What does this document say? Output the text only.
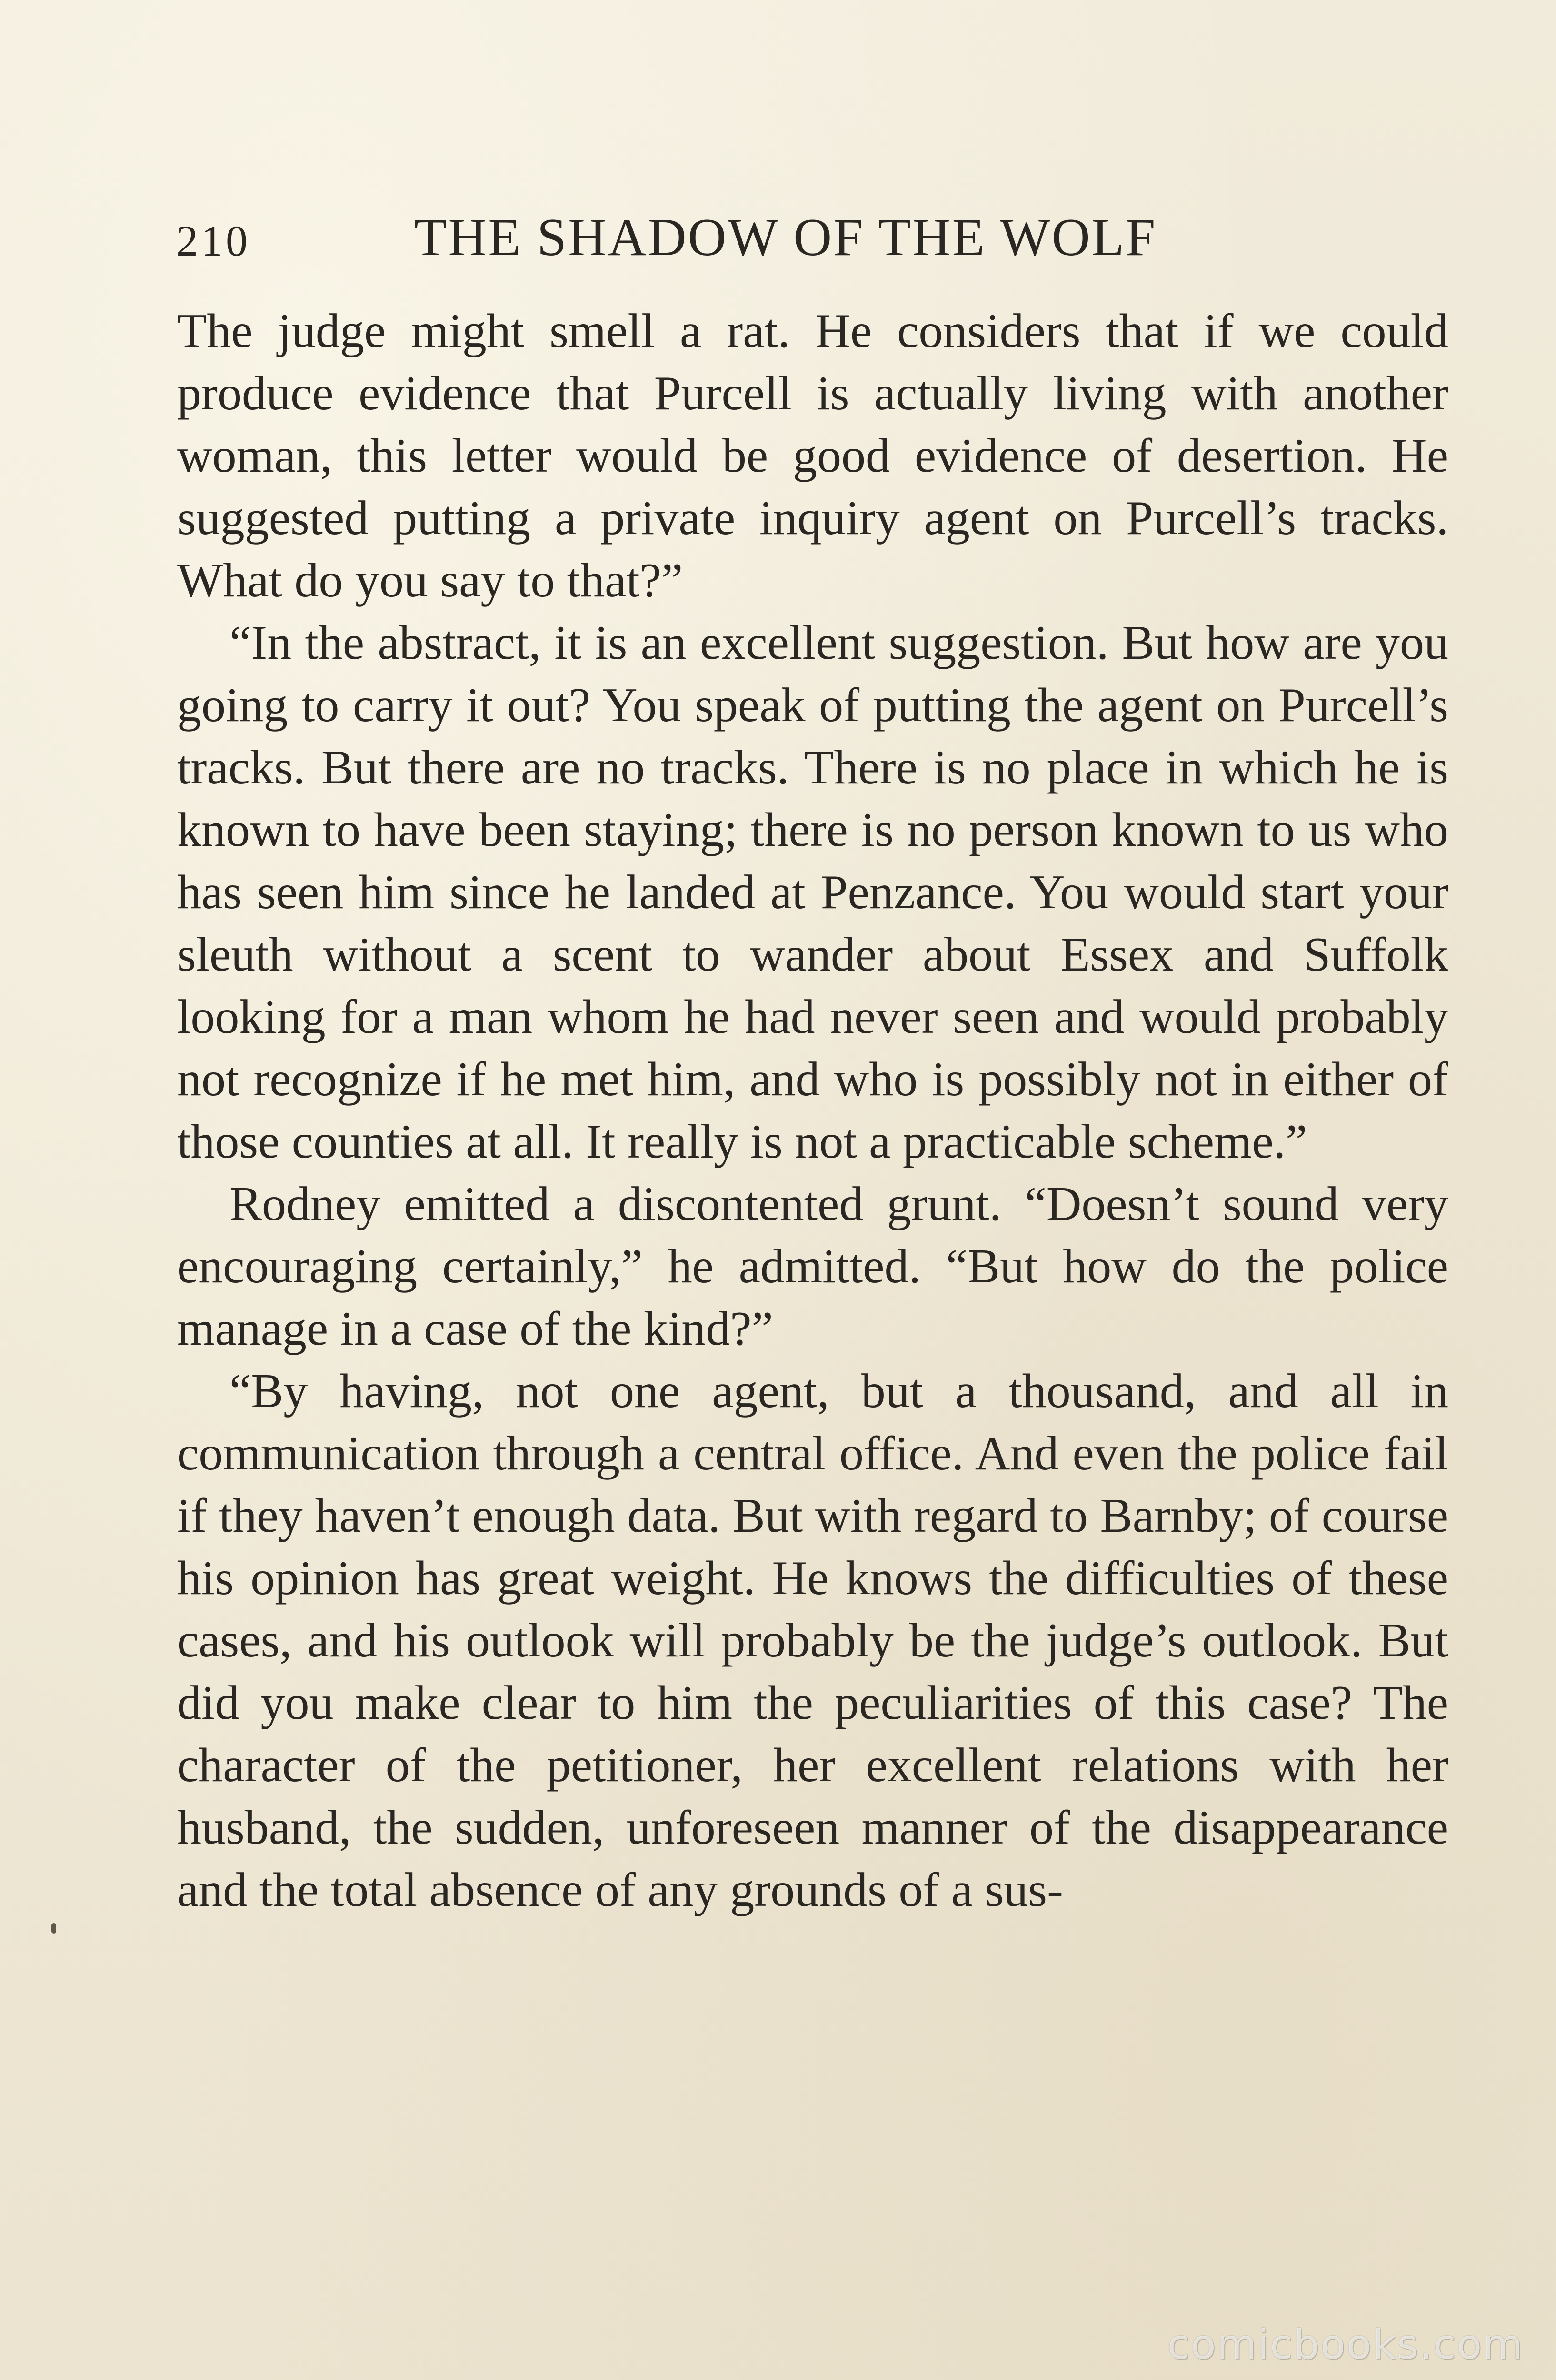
210	THE SHADOW OF THE WOLF

The judge might smell a rat. He considers that if we could produce evidence that Purcell is actually living with another woman, this letter would be good evidence of desertion. He suggested putting a private inquiry agent on Purcell’s tracks. What do you say to that?”

“In the abstract, it is an excellent suggestion. But how are you going to carry it out? You speak of putting the agent on Purcell’s tracks. But there are no tracks. There is no place in which he is known to have been staying; there is no person known to us who has seen him since he landed at Penzance. You would start your sleuth without a scent to wander about Essex and Suffolk looking for a man whom he had never seen and would probably not recognize if he met him, and who is possibly not in either of those counties at all. It really is not a practicable scheme.”

Rodney emitted a discontented grunt. “Doesn’t sound very encouraging certainly,” he admitted. “But how do the police manage in a case of the kind?”

“By having, not one agent, but a thousand, and all in communication through a central office. And even the police fail if they haven’t enough data. But with regard to Barnby; of course his opinion has great weight. He knows the difficulties of these cases, and his outlook will probably be the judge’s outlook. But did you make clear to him the peculiarities of this case? The character of the petitioner, her excellent relations with her husband, the sudden, unforeseen manner of the disappearance and the total absence of any grounds of a sus-

comicbooks.com
